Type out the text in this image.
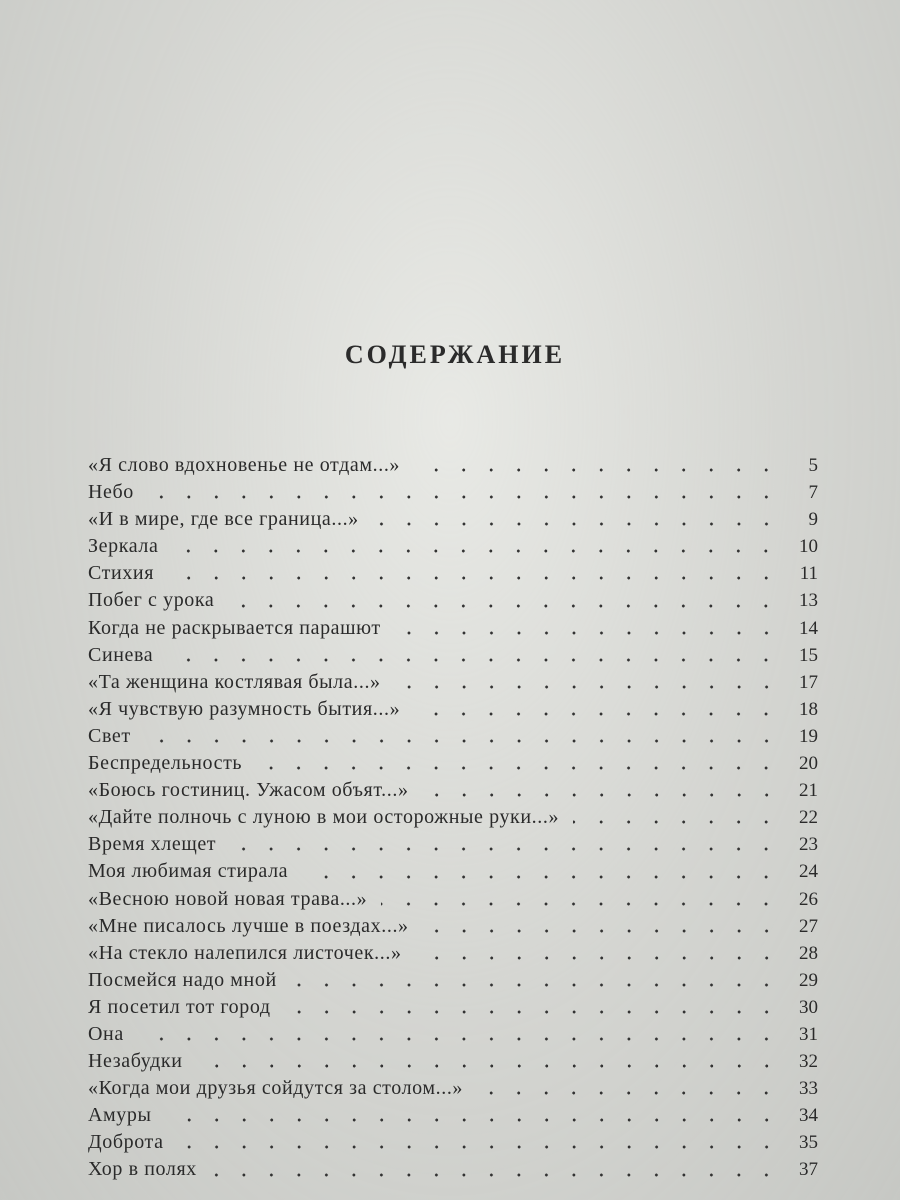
СОДЕРЖАНИЕ
«Я слово вдохновенье не отдам...»	5
Небо	7
«И в мире, где все граница...»	9
Зеркала	10
Стихия	11
Побег с урока	13
Когда не раскрывается парашют	14
Синева	15
«Та женщина костлявая была...»	17
«Я чувствую разумность бытия...»	18
Свет	19
Беспредельность	20
«Боюсь гостиниц. Ужасом объят...»	21
«Дайте полночь с луною в мои осторожные руки...»	22
Время хлещет	23
Моя любимая стирала	24
«Весною новой новая трава...»	26
«Мне писалось лучше в поездах...»	27
«На стекло налепился листочек...»	28
Посмейся надо мной	29
Я посетил тот город	30
Она	31
Незабудки	32
«Когда мои друзья сойдутся за столом...»	33
Амуры	34
Доброта	35
Хор в полях	37
